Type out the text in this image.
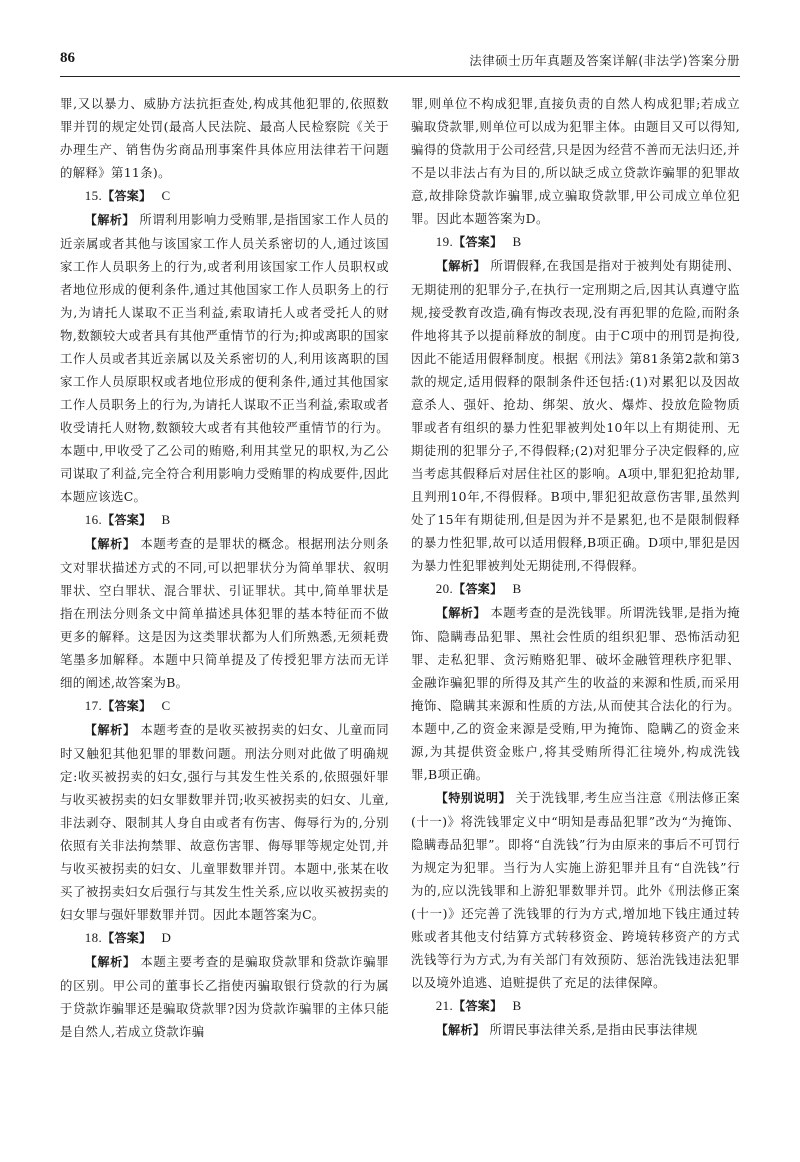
86	法律硕士历年真题及答案详解(非法学)答案分册

罪,又以暴力、威胁方法抗拒查处,构成其他犯罪的,依照数罪并罚的规定处罚(最高人民法院、最高人民检察院《关于办理生产、销售伪劣商品刑事案件具体应用法律若干问题的解释》第11条)。

15.【答案】 C

【解析】 所谓利用影响力受贿罪,是指国家工作人员的近亲属或者其他与该国家工作人员关系密切的人,通过该国家工作人员职务上的行为,或者利用该国家工作人员职权或者地位形成的便利条件,通过其他国家工作人员职务上的行为,为请托人谋取不正当利益,索取请托人或者受托人的财物,数额较大或者具有其他严重情节的行为;抑或离职的国家工作人员或者其近亲属以及关系密切的人,利用该离职的国家工作人员原职权或者地位形成的便利条件,通过其他国家工作人员职务上的行为,为请托人谋取不正当利益,索取或者收受请托人财物,数额较大或者有其他较严重情节的行为。本题中,甲收受了乙公司的贿赂,利用其堂兄的职权,为乙公司谋取了利益,完全符合利用影响力受贿罪的构成要件,因此本题应该选C。

16.【答案】 B

【解析】 本题考查的是罪状的概念。根据刑法分则条文对罪状描述方式的不同,可以把罪状分为简单罪状、叙明罪状、空白罪状、混合罪状、引证罪状。其中,简单罪状是指在刑法分则条文中简单描述具体犯罪的基本特征而不做更多的解释。这是因为这类罪状都为人们所熟悉,无须耗费笔墨多加解释。本题中只简单提及了传授犯罪方法而无详细的阐述,故答案为B。

17.【答案】 C

【解析】 本题考查的是收买被拐卖的妇女、儿童而同时又触犯其他犯罪的罪数问题。刑法分则对此做了明确规定:收买被拐卖的妇女,强行与其发生性关系的,依照强奸罪与收买被拐卖的妇女罪数罪并罚;收买被拐卖的妇女、儿童,非法剥夺、限制其人身自由或者有伤害、侮辱行为的,分别依照有关非法拘禁罪、故意伤害罪、侮辱罪等规定处罚,并与收买被拐卖的妇女、儿童罪数罪并罚。本题中,张某在收买了被拐卖妇女后强行与其发生性关系,应以收买被拐卖的妇女罪与强奸罪数罪并罚。因此本题答案为C。

18.【答案】 D

【解析】 本题主要考查的是骗取贷款罪和贷款诈骗罪的区别。甲公司的董事长乙指使丙骗取银行贷款的行为属于贷款诈骗罪还是骗取贷款罪?因为贷款诈骗罪的主体只能是自然人,若成立贷款诈骗

罪,则单位不构成犯罪,直接负责的自然人构成犯罪;若成立骗取贷款罪,则单位可以成为犯罪主体。由题目又可以得知,骗得的贷款用于公司经营,只是因为经营不善而无法归还,并不是以非法占有为目的,所以缺乏成立贷款诈骗罪的犯罪故意,故排除贷款诈骗罪,成立骗取贷款罪,甲公司成立单位犯罪。因此本题答案为D。

19.【答案】 B

【解析】 所谓假释,在我国是指对于被判处有期徒刑、无期徒刑的犯罪分子,在执行一定刑期之后,因其认真遵守监规,接受教育改造,确有悔改表现,没有再犯罪的危险,而附条件地将其予以提前释放的制度。由于C项中的刑罚是拘役,因此不能适用假释制度。根据《刑法》第81条第2款和第3款的规定,适用假释的限制条件还包括:(1)对累犯以及因故意杀人、强奸、抢劫、绑架、放火、爆炸、投放危险物质罪或者有组织的暴力性犯罪被判处10年以上有期徒刑、无期徒刑的犯罪分子,不得假释;(2)对犯罪分子决定假释的,应当考虑其假释后对居住社区的影响。A项中,罪犯犯抢劫罪,且判刑10年,不得假释。B项中,罪犯犯故意伤害罪,虽然判处了15年有期徒刑,但是因为并不是累犯,也不是限制假释的暴力性犯罪,故可以适用假释,B项正确。D项中,罪犯是因为暴力性犯罪被判处无期徒刑,不得假释。

20.【答案】 B

【解析】 本题考查的是洗钱罪。所谓洗钱罪,是指为掩饰、隐瞒毒品犯罪、黑社会性质的组织犯罪、恐怖活动犯罪、走私犯罪、贪污贿赂犯罪、破坏金融管理秩序犯罪、金融诈骗犯罪的所得及其产生的收益的来源和性质,而采用掩饰、隐瞒其来源和性质的方法,从而使其合法化的行为。本题中,乙的资金来源是受贿,甲为掩饰、隐瞒乙的资金来源,为其提供资金账户,将其受贿所得汇往境外,构成洗钱罪,B项正确。

【特别说明】 关于洗钱罪,考生应当注意《刑法修正案(十一)》将洗钱罪定义中“明知是毒品犯罪”改为“为掩饰、隐瞒毒品犯罪”。即将“自洗钱”行为由原来的事后不可罚行为规定为犯罪。当行为人实施上游犯罪并且有“自洗钱”行为的,应以洗钱罪和上游犯罪数罪并罚。此外《刑法修正案(十一)》还完善了洗钱罪的行为方式,增加地下钱庄通过转账或者其他支付结算方式转移资金、跨境转移资产的方式洗钱等行为方式,为有关部门有效预防、惩治洗钱违法犯罪以及境外追逃、追赃提供了充足的法律保障。

21.【答案】 B

【解析】 所谓民事法律关系,是指由民事法律规
